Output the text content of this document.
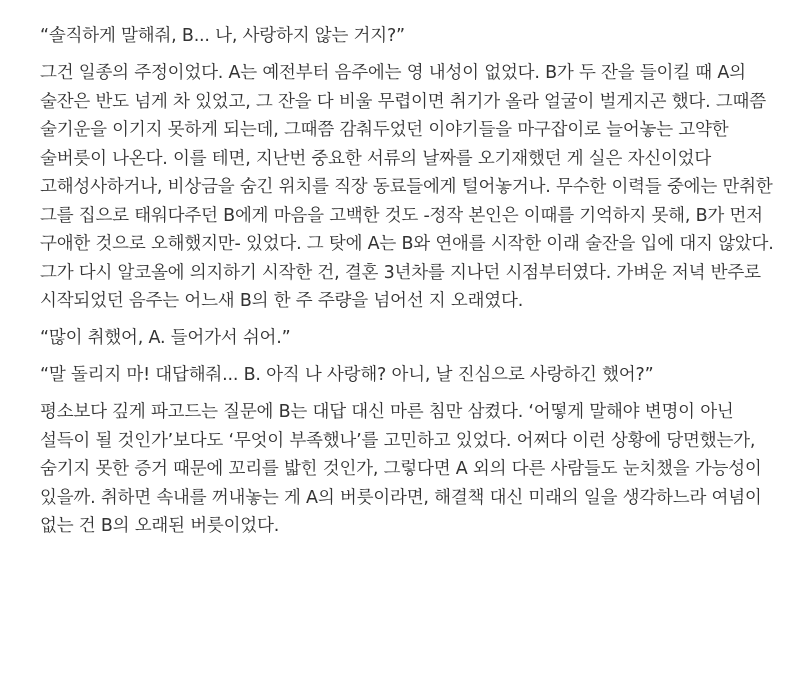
“솔직하게 말해줘, B... 나, 사랑하지 않는 거지?”

그건 일종의 주정이었다. A는 예전부터 음주에는 영 내성이 없었다. B가 두 잔을 들이킬 때 A의 술잔은 반도 넘게 차 있었고, 그 잔을 다 비울 무렵이면 취기가 올라 얼굴이 벌게지곤 했다. 그때쯤 술기운을 이기지 못하게 되는데, 그때쯤 감춰두었던 이야기들을 마구잡이로 늘어놓는 고약한 술버릇이 나온다. 이를 테면, 지난번 중요한 서류의 날짜를 오기재했던 게 실은 자신이었다 고해성사하거나, 비상금을 숨긴 위치를 직장 동료들에게 털어놓거나. 무수한 이력들 중에는 만취한 그를 집으로 태워다주던 B에게 마음을 고백한 것도 -정작 본인은 이때를 기억하지 못해, B가 먼저 구애한 것으로 오해했지만- 있었다. 그 탓에 A는 B와 연애를 시작한 이래 술잔을 입에 대지 않았다. 그가 다시 알코올에 의지하기 시작한 건, 결혼 3년차를 지나던 시점부터였다. 가벼운 저녁 반주로 시작되었던 음주는 어느새 B의 한 주 주량을 넘어선 지 오래였다.

“많이 취했어, A. 들어가서 쉬어.”

“말 돌리지 마! 대답해줘... B. 아직 나 사랑해? 아니, 날 진심으로 사랑하긴 했어?”

평소보다 깊게 파고드는 질문에 B는 대답 대신 마른 침만 삼켰다. ‘어떻게 말해야 변명이 아닌 설득이 될 것인가’보다도 ‘무엇이 부족했나’를 고민하고 있었다. 어쩌다 이런 상황에 당면했는가, 숨기지 못한 증거 때문에 꼬리를 밟힌 것인가, 그렇다면 A 외의 다른 사람들도 눈치챘을 가능성이 있을까. 취하면 속내를 꺼내놓는 게 A의 버릇이라면, 해결책 대신 미래의 일을 생각하느라 여념이 없는 건 B의 오래된 버릇이었다.
